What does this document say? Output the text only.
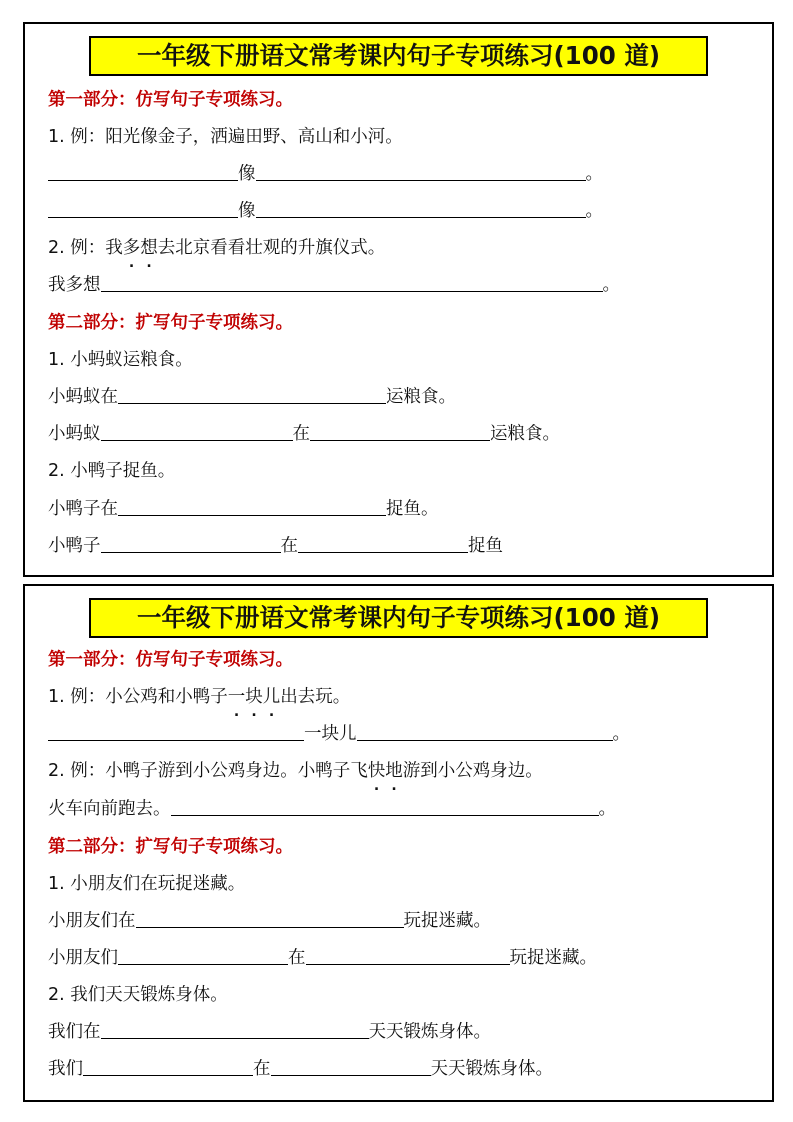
一年级下册语文常考课内句子专项练习(100 道)
第一部分：仿写句子专项练习。
1. 例：阳光像金子，洒遍田野、高山和小河。
像	。
像	。
2. 例：我多想去北京看看壮观的升旗仪式。
我多想	。
第二部分：扩写句子专项练习。
1. 小蚂蚁运粮食。
小蚂蚁在	运粮食。
小蚂蚁	在	运粮食。
2. 小鸭子捉鱼。
小鸭子在	捉鱼。
小鸭子	在	捉鱼
一年级下册语文常考课内句子专项练习(100 道)
第一部分：仿写句子专项练习。
1. 例：小公鸡和小鸭子一块儿出去玩。
一块儿	。
2. 例：小鸭子游到小公鸡身边。小鸭子飞快地游到小公鸡身边。
火车向前跑去。	。
第二部分：扩写句子专项练习。
1. 小朋友们在玩捉迷藏。
小朋友们在	玩捉迷藏。
小朋友们	在	玩捉迷藏。
2. 我们天天锻炼身体。
我们在	天天锻炼身体。
我们	在	天天锻炼身体。
